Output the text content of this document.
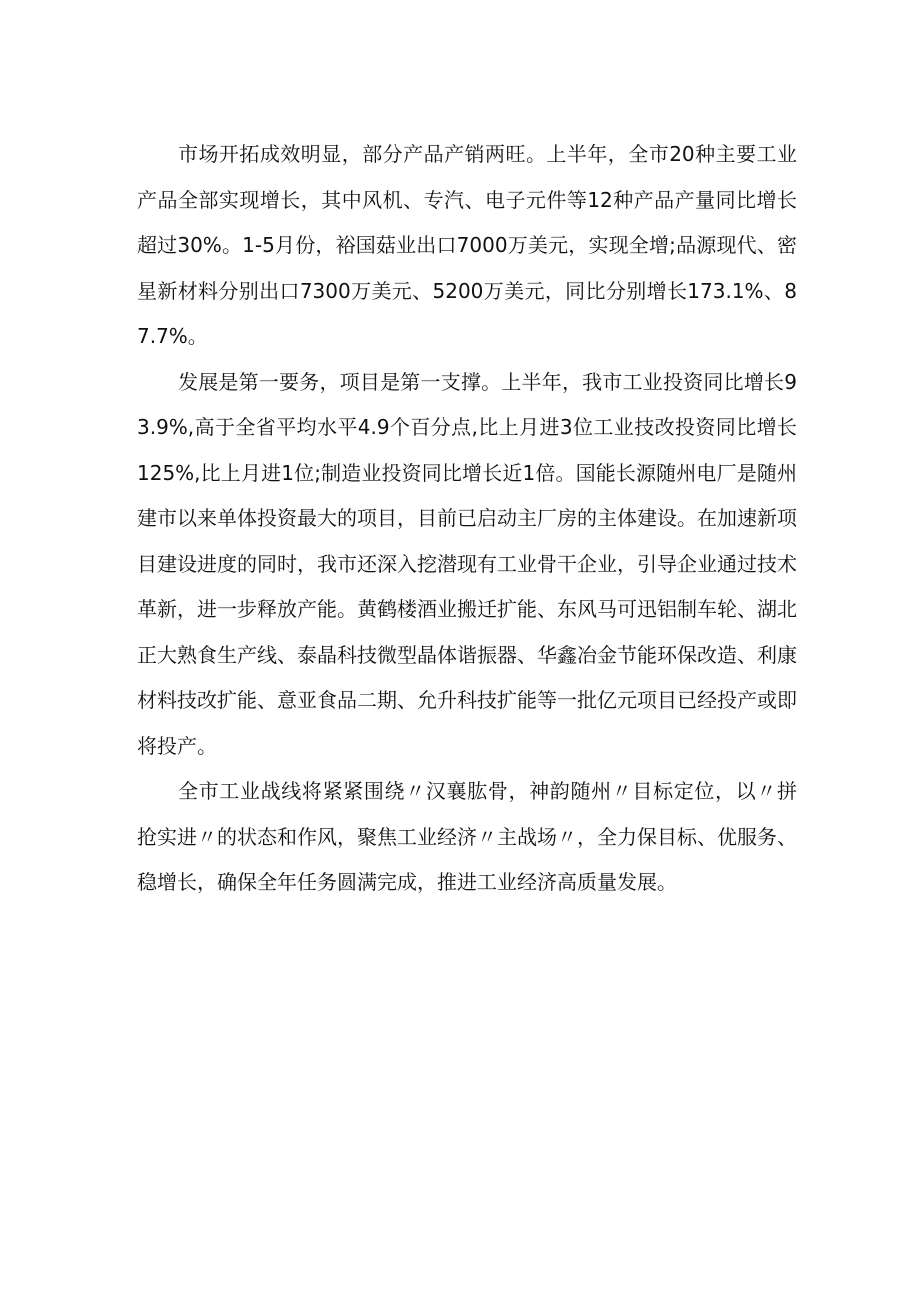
市场开拓成效明显，部分产品产销两旺。上半年，全市20种主要工业产品全部实现增长，其中风机、专汽、电子元件等12种产品产量同比增长超过30%。1-5月份，裕国菇业出口7000万美元，实现全增;品源现代、密星新材料分别出口7300万美元、5200万美元，同比分别增长173.1%、87.7%。

发展是第一要务，项目是第一支撑。上半年，我市工业投资同比增长93.9%,高于全省平均水平4.9个百分点,比上月进3位工业技改投资同比增长125%,比上月进1位;制造业投资同比增长近1倍。国能长源随州电厂是随州建市以来单体投资最大的项目，目前已启动主厂房的主体建设。在加速新项目建设进度的同时，我市还深入挖潜现有工业骨干企业，引导企业通过技术革新，进一步释放产能。黄鹤楼酒业搬迁扩能、东风马可迅铝制车轮、湖北正大熟食生产线、泰晶科技微型晶体谐振器、华鑫冶金节能环保改造、利康材料技改扩能、意亚食品二期、允升科技扩能等一批亿元项目已经投产或即将投产。

全市工业战线将紧紧围绕〃汉襄肱骨，神韵随州〃目标定位，以〃拼抢实进〃的状态和作风，聚焦工业经济〃主战场〃，全力保目标、优服务、稳增长，确保全年任务圆满完成，推进工业经济高质量发展。
